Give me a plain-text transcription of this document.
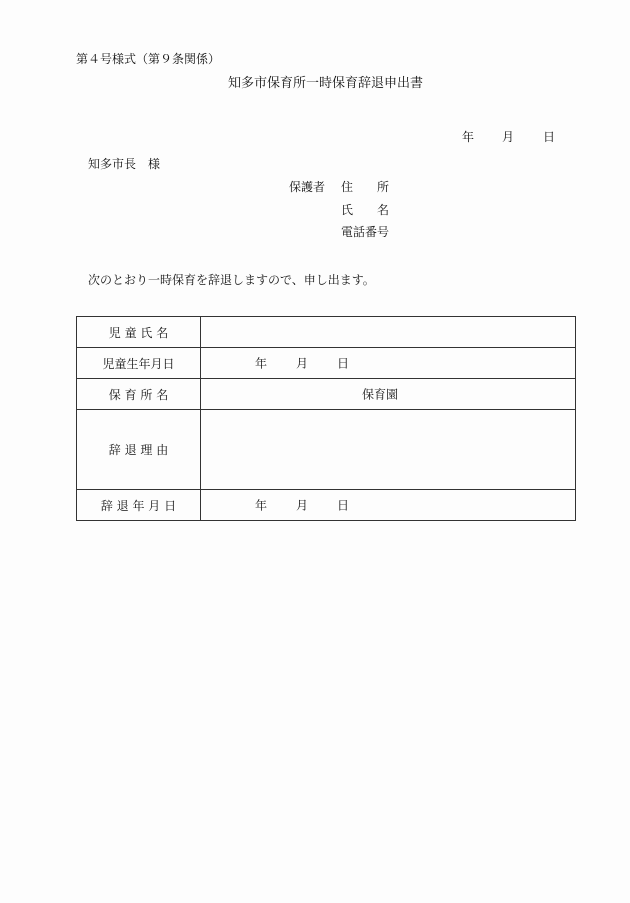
第４号様式（第９条関係）
知多市保育所一時保育辞退申出書
年 月 日
知多市長　様
保護者 住　　所
氏　　名
電話番号
次のとおり一時保育を辞退しますので、申し出ます。
児 童 氏 名	
児童生年月日	年 月 日

保 育 所 名	保育園

辞 退 理 由	
辞 退 年 月 日	年 月 日
